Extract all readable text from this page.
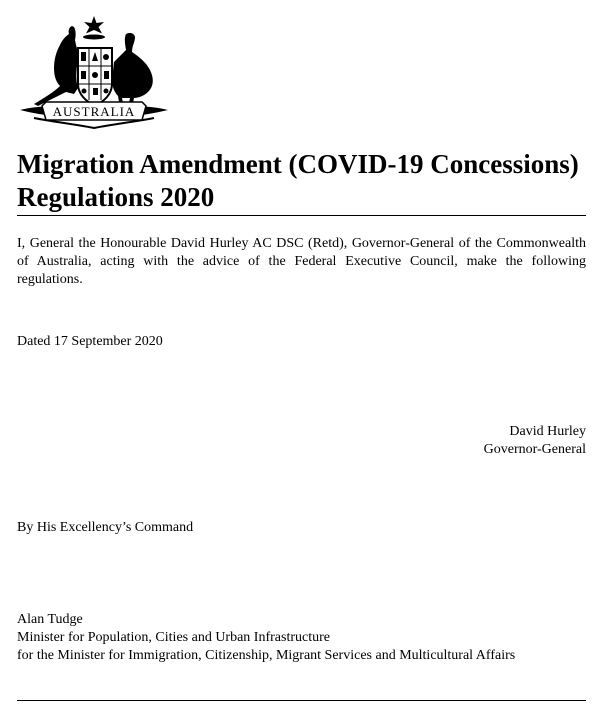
AUSTRALIA
Migration Amendment (COVID-19 Concessions)
Regulations 2020
I, General the Honourable David Hurley AC DSC (Retd), Governor-General of the Commonwealth of Australia, acting with the advice of the Federal Executive Council, make the following regulations.
Dated 17 September 2020
David Hurley
Governor-General
By His Excellency’s Command
Alan Tudge
Minister for Population, Cities and Urban Infrastructure
for the Minister for Immigration, Citizenship, Migrant Services and Multicultural Affairs
